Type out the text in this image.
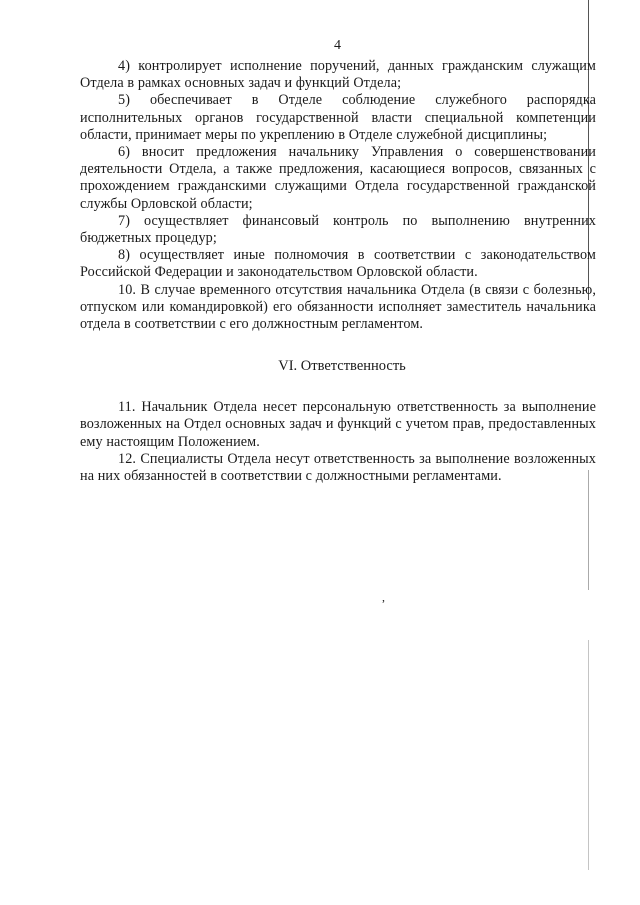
4

4) контролирует исполнение поручений, данных гражданским служащим Отдела в рамках основных задач и функций Отдела;

5) обеспечивает в Отделе соблюдение служебного распорядка исполнительных органов государственной власти специальной компетенции области, принимает меры по укреплению в Отделе служебной дисциплины;

6) вносит предложения начальнику Управления о совершенствовании деятельности Отдела, а также предложения, касающиеся вопросов, связанных с прохождением гражданскими служащими Отдела государственной гражданской службы Орловской области;

7) осуществляет финансовый контроль по выполнению внутренних бюджетных процедур;

8) осуществляет иные полномочия в соответствии с законодательством Российской Федерации и законодательством Орловской области.

10. В случае временного отсутствия начальника Отдела (в связи с болезнью, отпуском или командировкой) его обязанности исполняет заместитель начальника отдела в соответствии с его должностным регламентом.

VI. Ответственность

11. Начальник Отдела несет персональную ответственность за выполнение возложенных на Отдел основных задач и функций с учетом прав, предоставленных ему настоящим Положением.

12. Специалисты Отдела несут ответственность за выполнение возложенных на них обязанностей в соответствии с должностными регламентами.

,
